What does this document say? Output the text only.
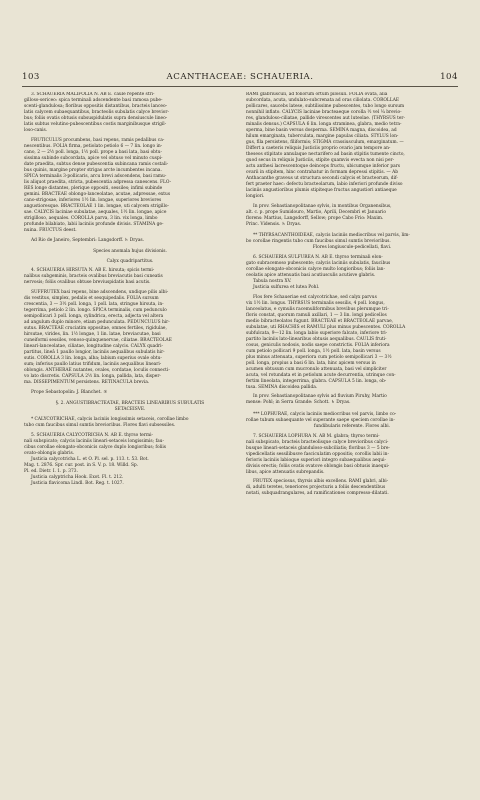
103	ACANTHACEAE: SCHAUERIA.	104

3. SCHAUERIA MALIFOLIA N. AB E. caule repente stri-

gilloso-sericeo: spica terminali adscendente basi ramosa pube-

scenti-glandulosa; floribus oppositis distantibus, bracteis lanceo-

latis calycem subaequantibus, bracteolis subulatis calyce brevior-

bus; foliis ovatis obtusis subsuspidulatis supra densiuscule lineo-

latis subtus velutino-pubescentibus costis marginibusque strigil-

loso-canis.

FRUTICULUS procumbens, basi repens, ramis pedalibus ca-

nescentibus. FOLIA firma, petiolato petiolo 6 — 7 lin. longo in-

cano, 2 — 2½ poll. longa, 1½ poll. prope a basi lata, basi obtu-

sissima subinde subcordata, apice vel obtuso vel minuto cuspi-

date praedita, subtus dense pubescentia subincana ramis costali-

bus quinis, margine propter strigas arcte incumbentes incana.

SPICA terminalis 3-pollicaris, arcu brevi adscendens, basi ramu-

lis aliquot praedita, stricta, pubescentia adpressa canescens. FLO-

RES longe distantes, plerique oppositi, sessiles; infimi subinde

gemini. BRACTEAE oblongo-lanceolatae, acutae, adpressae, extus

cano-strigosae, inferiores 1½ lin. longae, superiores breviores

angustioresque. BRACTEOLAE 1 lin. longae, uti calycem strigillo-

sae. CALYCIS laciniae subulatae, aequales, 1½ lin. longae, apice

strigilloso, aequales. COROLLA parva, 3 lin. vix longa, limbo

profunde bilabiato, labii laciniis profunde divisis. STAMINA ge-

nuina. FRUCTUS deest.

Ad Rio de Janeiro, Septembri: Langsdorff. ♄ Dryas.

Species anomala hujus divisionis.

Calyx quadripartitus.

4. SCHAUERIA HIRSUTA N. AB E. hirsuta; spicis termi-

nalibus subgeminis, bracteis ovalibus breviacutis basi cuneatis

nervosis; foliis ovalibus obtuse breviuspidatis basi acutis.

SUFFRUTEX basi repens, bine adscendens, undique pilis albi-

dis vestitus, simplex, pedalis et sesquipedalis. FOLIA sursum

crescentia, 3 — 3½ poll. longa, 1 poll. lata, stringue hirsuta, in-

tegerrima, petiolo 2 lin. longo. SPICA terminalis, cum pedunculo

semipollicari 3 poll. longa, cylindrica, erecta, adjecta vel altera

ad angulum duplo minore, etiam pedunculata. PEDUNCULUS hir-

sutus. BRACTEAE cruciatim oppositae, omnes fertiles, rigidulae,

hirsutae, virides, lin. 1½ longae, 1 lin. latae, breviacutae, basi

cuneiformi sessiles, venoso-quinquenervae, ciliatae. BRACTEOLAE

lineari-lanceolatae, ciliatae, longitudine calycis. CALYX quadri-

partitus, lineâ 1 paullo longior, laciniis aequalibus subulatis hir-

sutis. COROLLA 3 lin. longa, alba; labium superius ovale obtu-

sum; inferius paullo latius trifidum, laciniis aequalibus lineari-

oblongis. ANTHERAE nutantes, ovales, cordatae, loculis connecti-

vo lato discretis. CAPSULA 2½ lin. longa, pallida, lata, disper-

ma. DISSEPIMENTUM persistens. RETINACULA brevia.

Prope Sebastopolin: J. Blanchet. ♃

§. 2. ANGUSTIBRACTEATAE, BRACTEIS LINEARIBUS SUBULATIS

SETACEISVE.

* CALYCOTRICHAE, calycis laciniis longissimis setaceis, corollae limbo

tubo cum faucibus simul sumtis brevioribus. Flores flavi subsessiles.

5. SCHAUERIA CALYCOTRICHA N. AB E. thyrso termi-

nali subspicato; calycis laciniis lineari-setaceis longissimis; fau-

cibus corollae elongato-obconicis calyce duplo longioribus; foliis

ovato-oblongis glabris.

Justicia calycotricha L. et O. Pl. sel. p. 113. t. 53. Bot.

Mag. t. 2876. Spr. cur. post. in S. V. p. 18. Willd. Sp.

Pl. ed. Dietr. I. 1. p. 373.

Justicia calyptricha Hook. Exot. Fl. t. 212.

Justicia flavicoma Lindl. Bot. Reg. t. 1027.

RAMI glabriusculi, ad foliorum ortum pilosuli. FOLIA ovata, alia

subcordata, acuta, undulato-subcrenata ad oras ciliolata. COROLLAE

pollicares, saucebs latese, subtilissime pubescentes, tubo longo sursum

nonnihil inflato. CALYCIS laciniae bracteaeque corolla ½ vel ¼ brevio-

res, glanduloso-ciliatae, pallide virescentes aut luteolae. (THYRSUS ter-

minalis densus.) CAPSULA 6 lin. longa straminea, glabra, medio tetra-

sperma, bine basin versus dosperma. SEMINA magna, discoidea, ad

hilum emarginata, tuberculata, margine papulas ciliata. STYLUS lon-

gus, fila persistens, filiformis; STIGMA crassiusculum, emarginatum. —

Differt a caeteris reliquis Justiciis proprio ovario jam tempore an-

theseos stipitato annulaque nectarifero ad basin stipitis tumente cincto,

quod secus in reliquis Justiciis, stipite quamvis evecta non nisi per-

actu anthesi lacrescentoque deinceps fructu, ubicumque inferior pars

ovarii in stipitem, hinc contrahatur in formam depressi stipitis. — Ab

Anthacanthe graveus ut structura secondi calycis et bracteorum, dif-

fert praeter haec: defectu bracteolarum, labio inferiori profunde diviso

laciniis angustioribus plumis stipiteque fructus angustiori antiaeque

longiori.

In prov. Sebastianopolitanae sylvis, in montibus Organensibus,

alt. c. p. prope Sumidouro, Martio, Aprili, Decembri et Januario

florens: Martius, Langsdorff, Sellow; prope Cabo Frio: Maxim.

Princ. Vidensis. ♄ Dryas.

** THYRSACANTHOIDEAE, calycis laciniis mediocribus vel parvis, lim-

bo corollae ringentis tubo cum faucibus simul sumtis brevioribus.

Flores longiuscule-pedicellati, flavi.

6. SCHAUERIA SULFUREA N. AB E. thyrso terminali elon-

gato subracemoso pubescente; calycis laciniis subulatis, faucibus

corollae elongato-obconicis calyce multo longioribus; foliis lan-

ceolatis apice attenuatis basi acutiusculis acutisve glabris.

Tabula nostra XV.

Justicia sulfurea et lutea Pohl.

Flos fere Schaueriae est calycotrichae, sed calyx parvus

vix 1½ lin. longus. THYRSUS terminalis sessilis, 4 poll. longus,

lanceolatus, e cymulis racemuliformibus brevibus plerumque tri-

floris constat, quorum ramuli axillari, 1 — 3 lin. longi pedicellos

medio bibracteolatos fugunt. BRACTEAE et BRACTEOLAE parvae,

subulatae, uti RHACHIS et RAMULI plus minus pubescentes. COROLLA

subfulcata, 9—12 lin. longa labio superiore falcato, inferiore tri-

partito laciniis lato-linearibus obtusis aequalibus. CAULIS fruti-

cosus, geniculis nodosis, nodis saepe constrictis. FOLIA inferiora

cum petiolo pollicari 9 poll. longa, 1½ poll. lata, basin versus

plus minus attenuata, superiora cum petiolo semipollicari 3 — 3½

poll. longa, propius a basi 6 lin. lata, hinc apicem versus in

acumen obtusum cum mucronulo attenuata, basi vel simpliciter

acuta, vel rotundata et in petiolum acute decurrentia, utrinque con-

fertim lineolata, integerrima, glabra. CAPSULA 5 lin. longa, ob-

tusa. SEMINA discoidea pallida.

In prov. Sebastianopolitanae sylvis ad fluvium Piruhy, Martio

mense: Pohl; in Serra Grande: Schott. ♄ Dryas.

*** LOPHURAE, calycis laciniis mediocribus vel parvis, limbo co-

rollae tubum subaequante vel superante saepe speciem corollae in-

fundibularis referente. Flores albi.

7. SCHAUERIA LOPHURA N. AB M. glabra; thyrso termi-

nali subspicato, bracteis bracteolisque calyce brevioribus calyci-

busque lineari-setaceis glanduloso-subciliatis; floribus 3 — 5 bre-

vipedicellatis sessilibusve fasciculatim oppositis; corollis labii in-

ferioris laciniis labioque superiori integro subaequalibus aequi-

divisis erectis; foliis ovatis ovatove oblongis basi obtusis inaequi-

libus, apice attenuatis subrepandis.

FRUTEX speciosus, thyrsis albis excellens. RAMI glabri, albi-

di, adulti teretes, teneriores projecturis a foliis descendentibus

notati, subquadrangulares, ad ramificationes compresso-dilatati.
